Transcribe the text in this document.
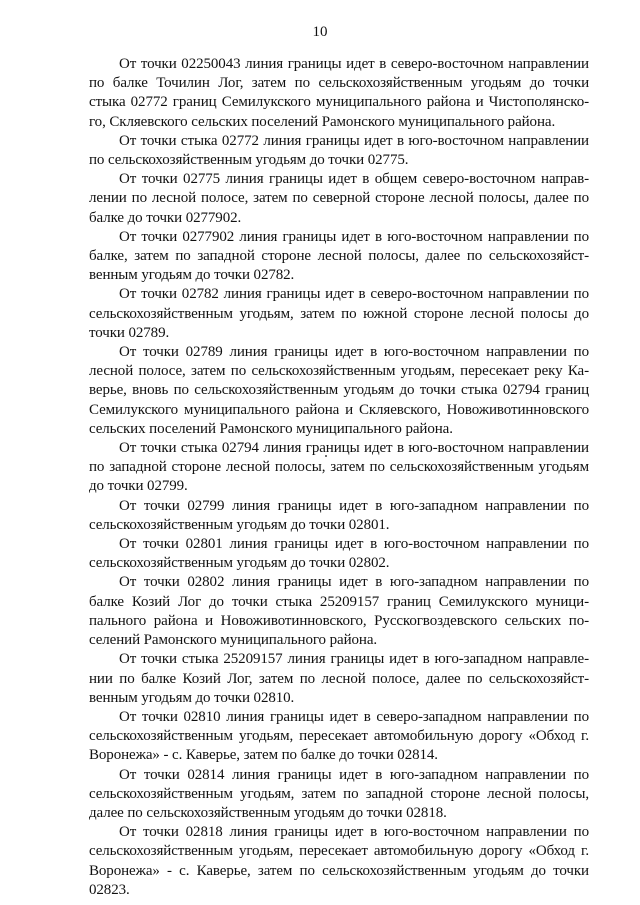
10

От точки 02250043 линия границы идет в северо-восточном направлении
по балке Точилин Лог, затем по сельскохозяйственным угодьям до точки
стыка 02772 границ Семилукского муниципального района и Чистополянско-
го, Скляевского сельских поселений Рамонского муниципального района.

От точки стыка 02772 линия границы идет в юго-восточном направлении
по сельскохозяйственным угодьям до точки 02775.

От точки 02775 линия границы идет в общем северо-восточном направ-
лении по лесной полосе, затем по северной стороне лесной полосы, далее по
балке до точки 0277902.

От точки 0277902 линия границы идет в юго-восточном направлении по
балке, затем по западной стороне лесной полосы, далее по сельскохозяйст-
венным угодьям до точки 02782.

От точки 02782 линия границы идет в северо-восточном направлении по
сельскохозяйственным угодьям, затем по южной стороне лесной полосы до
точки 02789.

От точки 02789 линия границы идет в юго-восточном направлении по
лесной полосе, затем по сельскохозяйственным угодьям, пересекает реку Ка-
верье, вновь по сельскохозяйственным угодьям до точки стыка 02794 границ
Семилукского муниципального района и Скляевского, Новоживотинновского
сельских поселений Рамонского муниципального района.

От точки стыка 02794 линия границы идет в юго-восточном направлении
по западной стороне лесной полосы, затем по сельскохозяйственным угодьям
до точки 02799.

От точки 02799 линия границы идет в юго-западном направлении по
сельскохозяйственным угодьям до точки 02801.

От точки 02801 линия границы идет в юго-восточном направлении по
сельскохозяйственным угодьям до точки 02802.

От точки 02802 линия границы идет в юго-западном направлении по
балке Козий Лог до точки стыка 25209157 границ Семилукского муници-
пального района и Новоживотинновского, Русскогвоздевского сельских по-
селений Рамонского муниципального района.

От точки стыка 25209157 линия границы идет в юго-западном направле-
нии по балке Козий Лог, затем по лесной полосе, далее по сельскохозяйст-
венным угодьям до точки 02810.

От точки 02810 линия границы идет в северо-западном направлении по
сельскохозяйственным угодьям, пересекает автомобильную дорогу «Обход г.
Воронежа» - с. Каверье, затем по балке до точки 02814.

От точки 02814 линия границы идет в юго-западном направлении по
сельскохозяйственным угодьям, затем по западной стороне лесной полосы,
далее по сельскохозяйственным угодьям до точки 02818.

От точки 02818 линия границы идет в юго-восточном направлении по
сельскохозяйственным угодьям, пересекает автомобильную дорогу «Обход г.
Воронежа» - с. Каверье, затем по сельскохозяйственным угодьям до точки
02823.
